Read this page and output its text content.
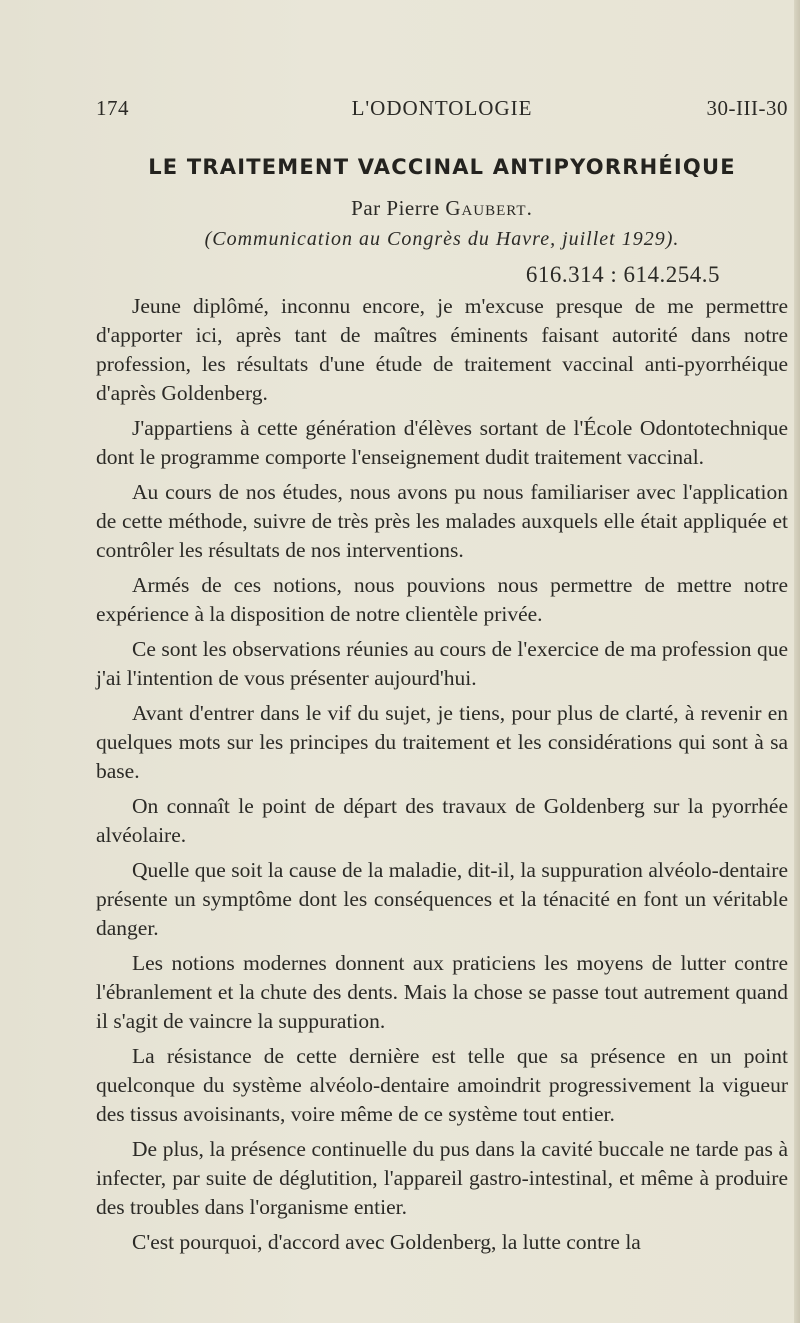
174	L'ODONTOLOGIE	30-III-30
LE TRAITEMENT VACCINAL ANTIPYORRHÉIQUE
Par Pierre Gaubert.
(Communication au Congrès du Havre, juillet 1929).
616.314 : 614.254.5

Jeune diplômé, inconnu encore, je m'excuse presque de me permettre d'apporter ici, après tant de maîtres éminents faisant autorité dans notre profession, les résultats d'une étude de traitement vaccinal anti-pyorrhéique d'après Goldenberg.

J'appartiens à cette génération d'élèves sortant de l'École Odontotechnique dont le programme comporte l'enseignement dudit traitement vaccinal.

Au cours de nos études, nous avons pu nous familiariser avec l'application de cette méthode, suivre de très près les malades auxquels elle était appliquée et contrôler les résultats de nos interventions.

Armés de ces notions, nous pouvions nous permettre de mettre notre expérience à la disposition de notre clientèle privée.

Ce sont les observations réunies au cours de l'exercice de ma profession que j'ai l'intention de vous présenter aujourd'hui.

Avant d'entrer dans le vif du sujet, je tiens, pour plus de clarté, à revenir en quelques mots sur les principes du traitement et les considérations qui sont à sa base.

On connaît le point de départ des travaux de Goldenberg sur la pyorrhée alvéolaire.

Quelle que soit la cause de la maladie, dit-il, la suppuration alvéolo-dentaire présente un symptôme dont les conséquences et la ténacité en font un véritable danger.

Les notions modernes donnent aux praticiens les moyens de lutter contre l'ébranlement et la chute des dents. Mais la chose se passe tout autrement quand il s'agit de vaincre la suppuration.

La résistance de cette dernière est telle que sa présence en un point quelconque du système alvéolo-dentaire amoindrit progressivement la vigueur des tissus avoisinants, voire même de ce système tout entier.

De plus, la présence continuelle du pus dans la cavité buccale ne tarde pas à infecter, par suite de déglutition, l'appareil gastro-intestinal, et même à produire des troubles dans l'organisme entier.

C'est pourquoi, d'accord avec Goldenberg, la lutte contre la
